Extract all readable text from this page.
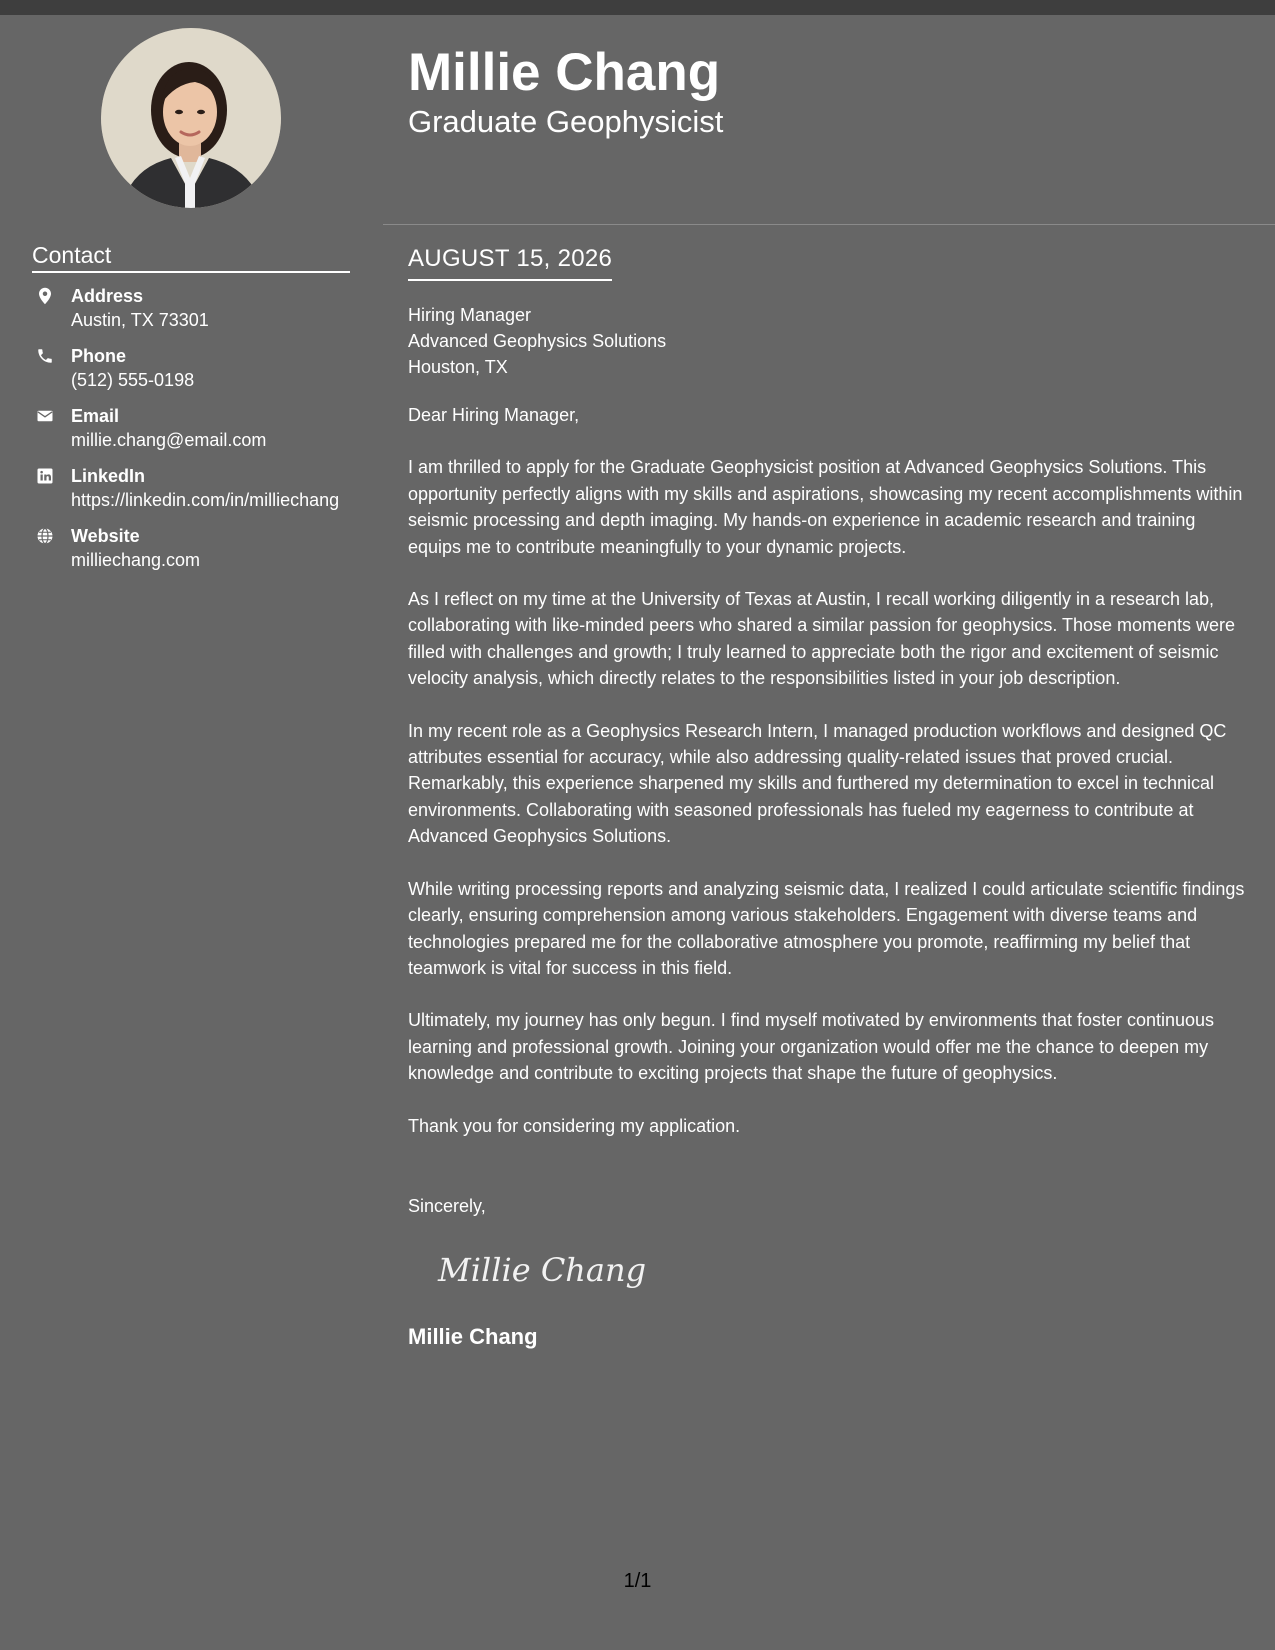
Contact
Address
Austin, TX 73301
Phone
(512) 555-0198
Email
millie.chang@email.com
LinkedIn
https://linkedin.com/in/milliechang
Website
milliechang.com
Millie Chang
Graduate Geophysicist
AUGUST 15, 2026
Hiring Manager
Advanced Geophysics Solutions
Houston, TX

Dear Hiring Manager,

I am thrilled to apply for the Graduate Geophysicist position at Advanced Geophysics Solutions. This opportunity perfectly aligns with my skills and aspirations, showcasing my recent accomplishments within seismic processing and depth imaging. My hands-on experience in academic research and training equips me to contribute meaningfully to your dynamic projects.

As I reflect on my time at the University of Texas at Austin, I recall working diligently in a research lab, collaborating with like-minded peers who shared a similar passion for geophysics. Those moments were filled with challenges and growth; I truly learned to appreciate both the rigor and excitement of seismic velocity analysis, which directly relates to the responsibilities listed in your job description.

In my recent role as a Geophysics Research Intern, I managed production workflows and designed QC attributes essential for accuracy, while also addressing quality-related issues that proved crucial. Remarkably, this experience sharpened my skills and furthered my determination to excel in technical environments. Collaborating with seasoned professionals has fueled my eagerness to contribute at Advanced Geophysics Solutions.

While writing processing reports and analyzing seismic data, I realized I could articulate scientific findings clearly, ensuring comprehension among various stakeholders. Engagement with diverse teams and technologies prepared me for the collaborative atmosphere you promote, reaffirming my belief that teamwork is vital for success in this field.

Ultimately, my journey has only begun. I find myself motivated by environments that foster continuous learning and professional growth. Joining your organization would offer me the chance to deepen my knowledge and contribute to exciting projects that shape the future of geophysics.

Thank you for considering my application.

Sincerely,

Millie Chang
Millie Chang
1/1
